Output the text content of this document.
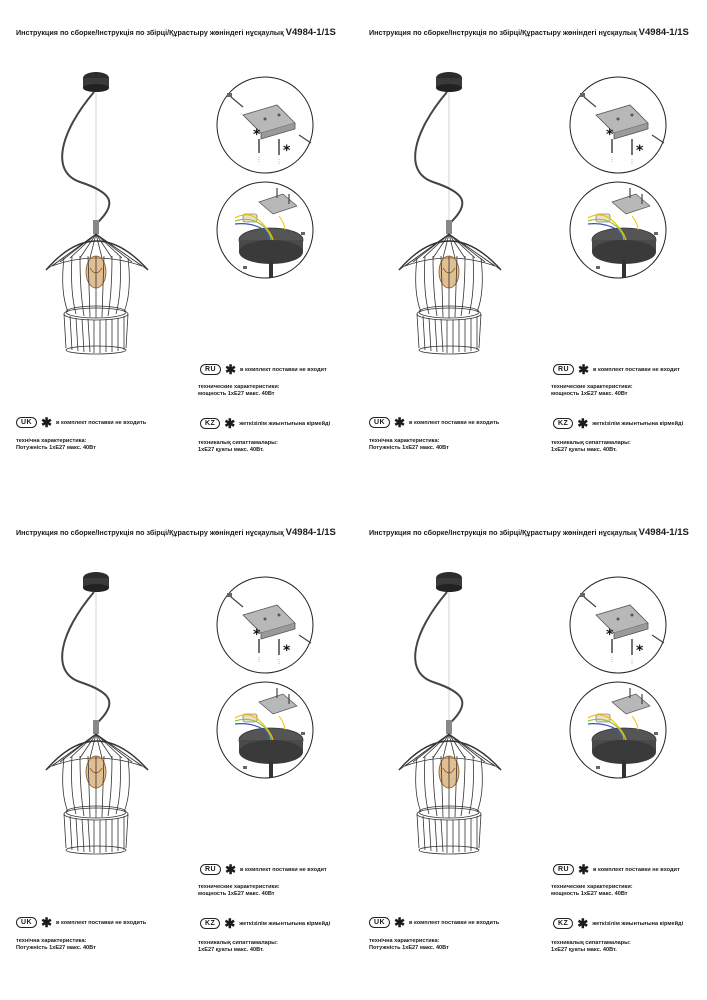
Инструкция по сборке/Інструкція по збірці/Құрастыру жөніндегі нұсқаулық V4984-1/1S
*
*
UK ✱ в комплект поставки не входить
технічна характеристика:
Потужність 1хЕ27 макс. 40Вт
RU ✱ в комплект поставки не входит
технические характеристики:
мощность 1хЕ27 макс. 40Вт
KZ ✱ жеткізілім жиынтығына кірмейді
техникалық сипаттамалары:
1хЕ27 қуаты макс. 40Вт.
Инструкция по сборке/Інструкція по збірці/Құрастыру жөніндегі нұсқаулық V4984-1/1S
*
*
UK ✱ в комплект поставки не входить
технічна характеристика:
Потужність 1хЕ27 макс. 40Вт
RU ✱ в комплект поставки не входит
технические характеристики:
мощность 1хЕ27 макс. 40Вт
KZ ✱ жеткізілім жиынтығына кірмейді
техникалық сипаттамалары:
1хЕ27 қуаты макс. 40Вт.
Инструкция по сборке/Інструкція по збірці/Құрастыру жөніндегі нұсқаулық V4984-1/1S
*
*
UK ✱ в комплект поставки не входить
технічна характеристика:
Потужність 1хЕ27 макс. 40Вт
RU ✱ в комплект поставки не входит
технические характеристики:
мощность 1хЕ27 макс. 40Вт
KZ ✱ жеткізілім жиынтығына кірмейді
техникалық сипаттамалары:
1хЕ27 қуаты макс. 40Вт.
Инструкция по сборке/Інструкція по збірці/Құрастыру жөніндегі нұсқаулық V4984-1/1S
*
*
UK ✱ в комплект поставки не входить
технічна характеристика:
Потужність 1хЕ27 макс. 40Вт
RU ✱ в комплект поставки не входит
технические характеристики:
мощность 1хЕ27 макс. 40Вт
KZ ✱ жеткізілім жиынтығына кірмейді
техникалық сипаттамалары:
1хЕ27 қуаты макс. 40Вт.
